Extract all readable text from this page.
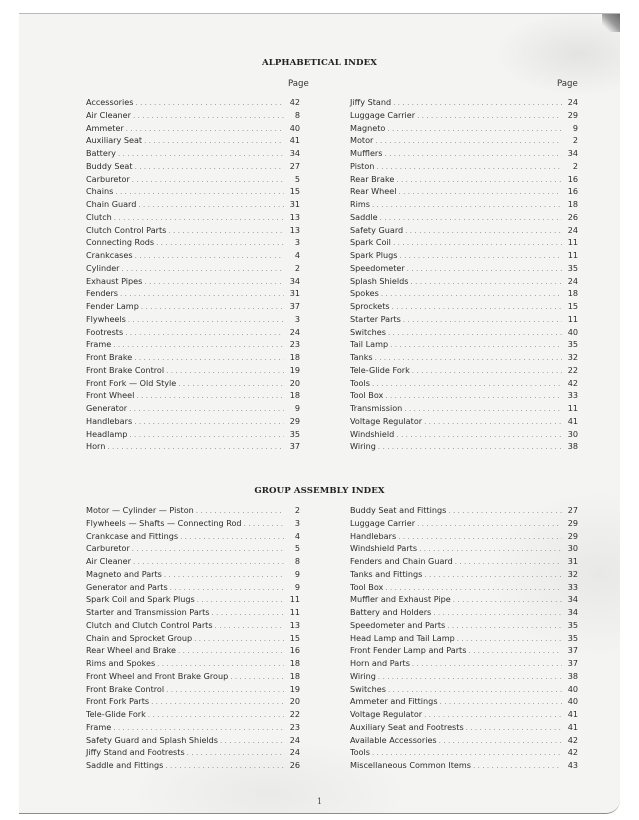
ALPHABETICAL INDEX
Page	Page
Accessories . . .	42
Air Cleaner . . .	8
Ammeter . . .	40
Auxiliary Seat . . .	41
Battery . . .	34
Buddy Seat . . .	27
Carburetor . . .	5
Chains . . .	15
Chain Guard . . .	31
Clutch . . .	13
Clutch Control Parts . . .	13
Connecting Rods . . .	3
Crankcases . . .	4
Cylinder . . .	2
Exhaust Pipes . . .	34
Fenders . . .	31
Fender Lamp . . .	37
Flywheels . . .	3
Footrests . . .	24
Frame . . .	23
Front Brake . . .	18
Front Brake Control . . .	19
Front Fork — Old Style . . .	20
Front Wheel . . .	18
Generator . . .	9
Handlebars . . .	29
Headlamp . . .	35
Horn . . .	37
Jiffy Stand . . .	24
Luggage Carrier . . .	29
Magneto . . .	9
Motor . . .	2
Mufflers . . .	34
Piston . . .	2
Rear Brake . . .	16
Rear Wheel . . .	16
Rims . . .	18
Saddle . . .	26
Safety Guard . . .	24
Spark Coil . . .	11
Spark Plugs . . .	11
Speedometer . . .	35
Splash Shields . . .	24
Spokes . . .	18
Sprockets . . .	15
Starter Parts . . .	11
Switches . . .	40
Tail Lamp . . .	35
Tanks . . .	32
Tele-Glide Fork . . .	22
Tools . . .	42
Tool Box . . .	33
Transmission . . .	11
Voltage Regulator . . .	41
Windshield . . .	30
Wiring . . .	38
GROUP ASSEMBLY INDEX
Motor — Cylinder — Piston . . .	2
Flywheels — Shafts — Connecting Rod . . .	3
Crankcase and Fittings . . .	4
Carburetor . . .	5
Air Cleaner . . .	8
Magneto and Parts . . .	9
Generator and Parts . . .	9
Spark Coil and Spark Plugs . . .	11
Starter and Transmission Parts . . .	11
Clutch and Clutch Control Parts . . .	13
Chain and Sprocket Group . . .	15
Rear Wheel and Brake . . .	16
Rims and Spokes . . .	18
Front Wheel and Front Brake Group . . .	18
Front Brake Control . . .	19
Front Fork Parts . . .	20
Tele-Glide Fork . . .	22
Frame . . .	23
Safety Guard and Splash Shields . . .	24
Jiffy Stand and Footrests . . .	24
Saddle and Fittings . . .	26
Buddy Seat and Fittings . . .	27
Luggage Carrier . . .	29
Handlebars . . .	29
Windshield Parts . . .	30
Fenders and Chain Guard . . .	31
Tanks and Fittings . . .	32
Tool Box . . .	33
Muffler and Exhaust Pipe . . .	34
Battery and Holders . . .	34
Speedometer and Parts . . .	35
Head Lamp and Tail Lamp . . .	35
Front Fender Lamp and Parts . . .	37
Horn and Parts . . .	37
Wiring . . .	38
Switches . . .	40
Ammeter and Fittings . . .	40
Voltage Regulator . . .	41
Auxiliary Seat and Footrests . . .	41
Available Accessories . . .	42
Tools . . .	42
Miscellaneous Common Items . . .	43
1
